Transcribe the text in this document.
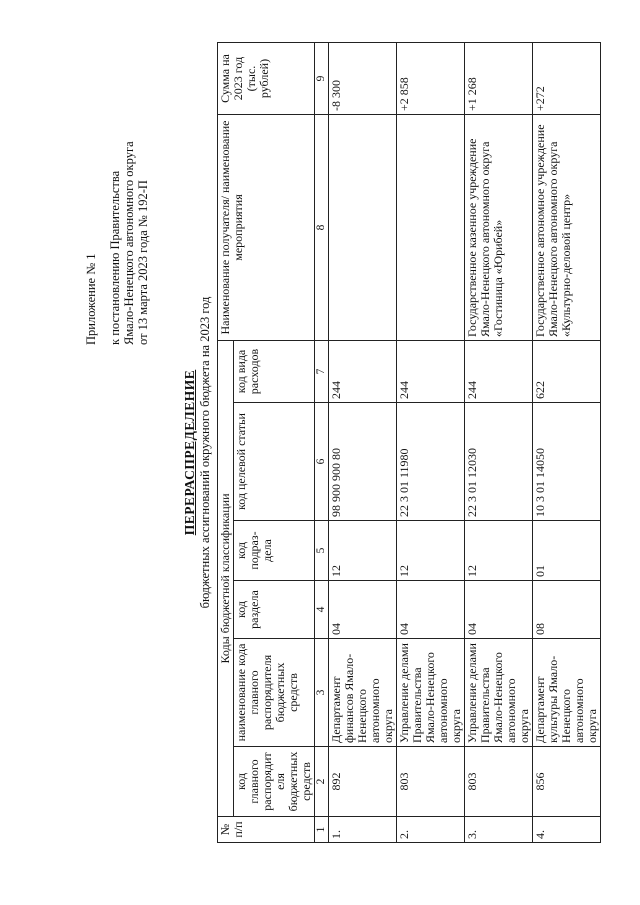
Приложение № 1 к постановлению Правительства Ямало-Ненецкого автономного округа от 13 марта 2023 года № 192-П
ПЕРЕРАСПРЕДЕЛЕНИЕ бюджетных ассигнований окружного бюджета на 2023 год
№ п/п	Коды бюджетной классификации						Наименование получателя/ наименование мероприятия	Сумма на 2023 год (тыс. рублей)
	код главного распорядителя бюджетных средств	наименование кода главного распорядителя бюджетных средств	код раздела	код подраз-дела	код целевой статьи	код вида расходов		
1	2	3	4	5	6	7	8	9
1.	892	Департамент финансов Ямало-Ненецкого автономного округа	04	12	98 900 900 80	244		-8 300
2.	803	Управление делами Правительства Ямало-Ненецкого автономного округа	04	12	22 3 01 11980	244		+2 858
3.	803	Управление делами Правительства Ямало-Ненецкого автономного округа	04	12	22 3 01 12030	244	Государственное казенное учреждение Ямало-Ненецкого автономного округа «Гостиница «Юрибей»	+1 268
4.	856	Департамент культуры Ямало-Ненецкого автономного округа	08	01	10 3 01 14050	622	Государственное автономное учреждение Ямало-Ненецкого автономного округа «Культурно-деловой центр»	+272
